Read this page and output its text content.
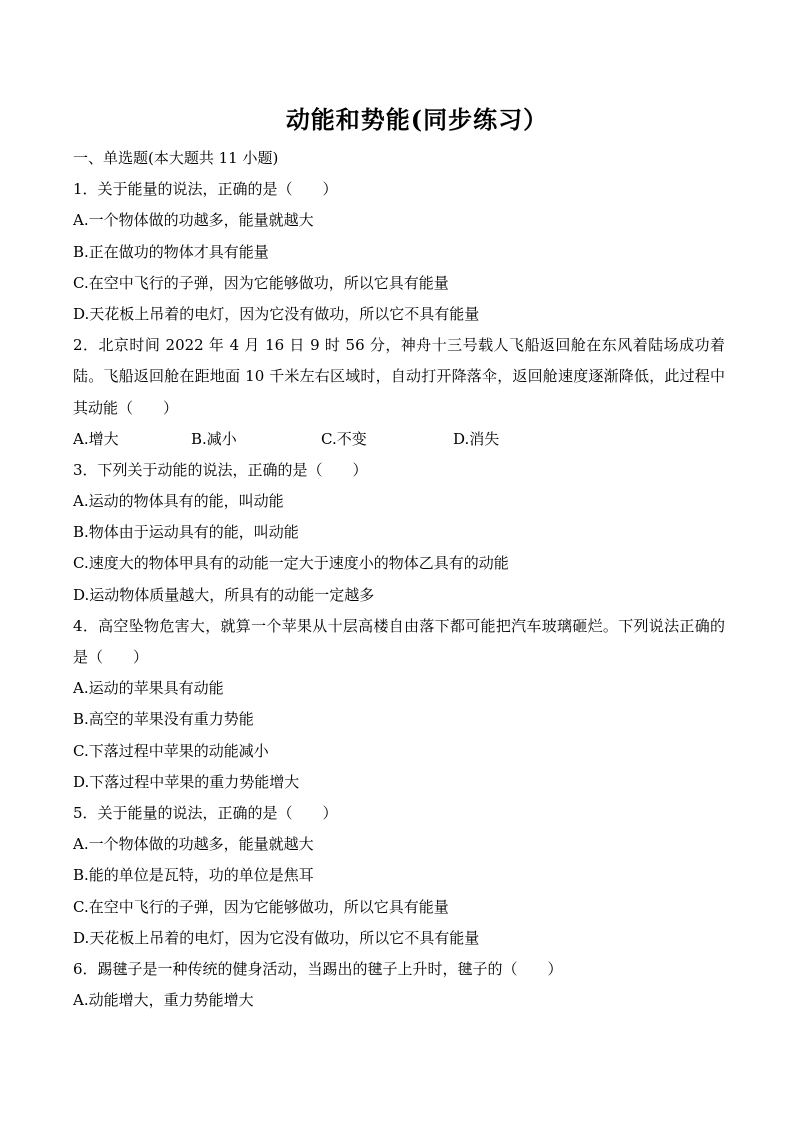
动能和势能(同步练习）
一、单选题(本大题共 11 小题)
1．关于能量的说法，正确的是（　　）
A.一个物体做的功越多，能量就越大
B.正在做功的物体才具有能量
C.在空中飞行的子弹，因为它能够做功，所以它具有能量
D.天花板上吊着的电灯，因为它没有做功，所以它不具有能量
2．北京时间 2022 年 4 月 16 日 9 时 56 分，神舟十三号载人飞船返回舱在东风着陆场成功着陆。飞船返回舱在距地面 10 千米左右区域时，自动打开降落伞，返回舱速度逐渐降低，此过程中其动能（　　）
A.增大	B.减小	C.不变	D.消失
3．下列关于动能的说法，正确的是（　　）
A.运动的物体具有的能，叫动能
B.物体由于运动具有的能，叫动能
C.速度大的物体甲具有的动能一定大于速度小的物体乙具有的动能
D.运动物体质量越大，所具有的动能一定越多
4．高空坠物危害大，就算一个苹果从十层高楼自由落下都可能把汽车玻璃砸烂。下列说法正确的是（　　）
A.运动的苹果具有动能
B.高空的苹果没有重力势能
C.下落过程中苹果的动能减小
D.下落过程中苹果的重力势能增大
5．关于能量的说法，正确的是（　　）
A.一个物体做的功越多，能量就越大
B.能的单位是瓦特，功的单位是焦耳
C.在空中飞行的子弹，因为它能够做功，所以它具有能量
D.天花板上吊着的电灯，因为它没有做功，所以它不具有能量
6．踢毽子是一种传统的健身活动，当踢出的毽子上升时，毽子的（　　）
A.动能增大，重力势能增大
